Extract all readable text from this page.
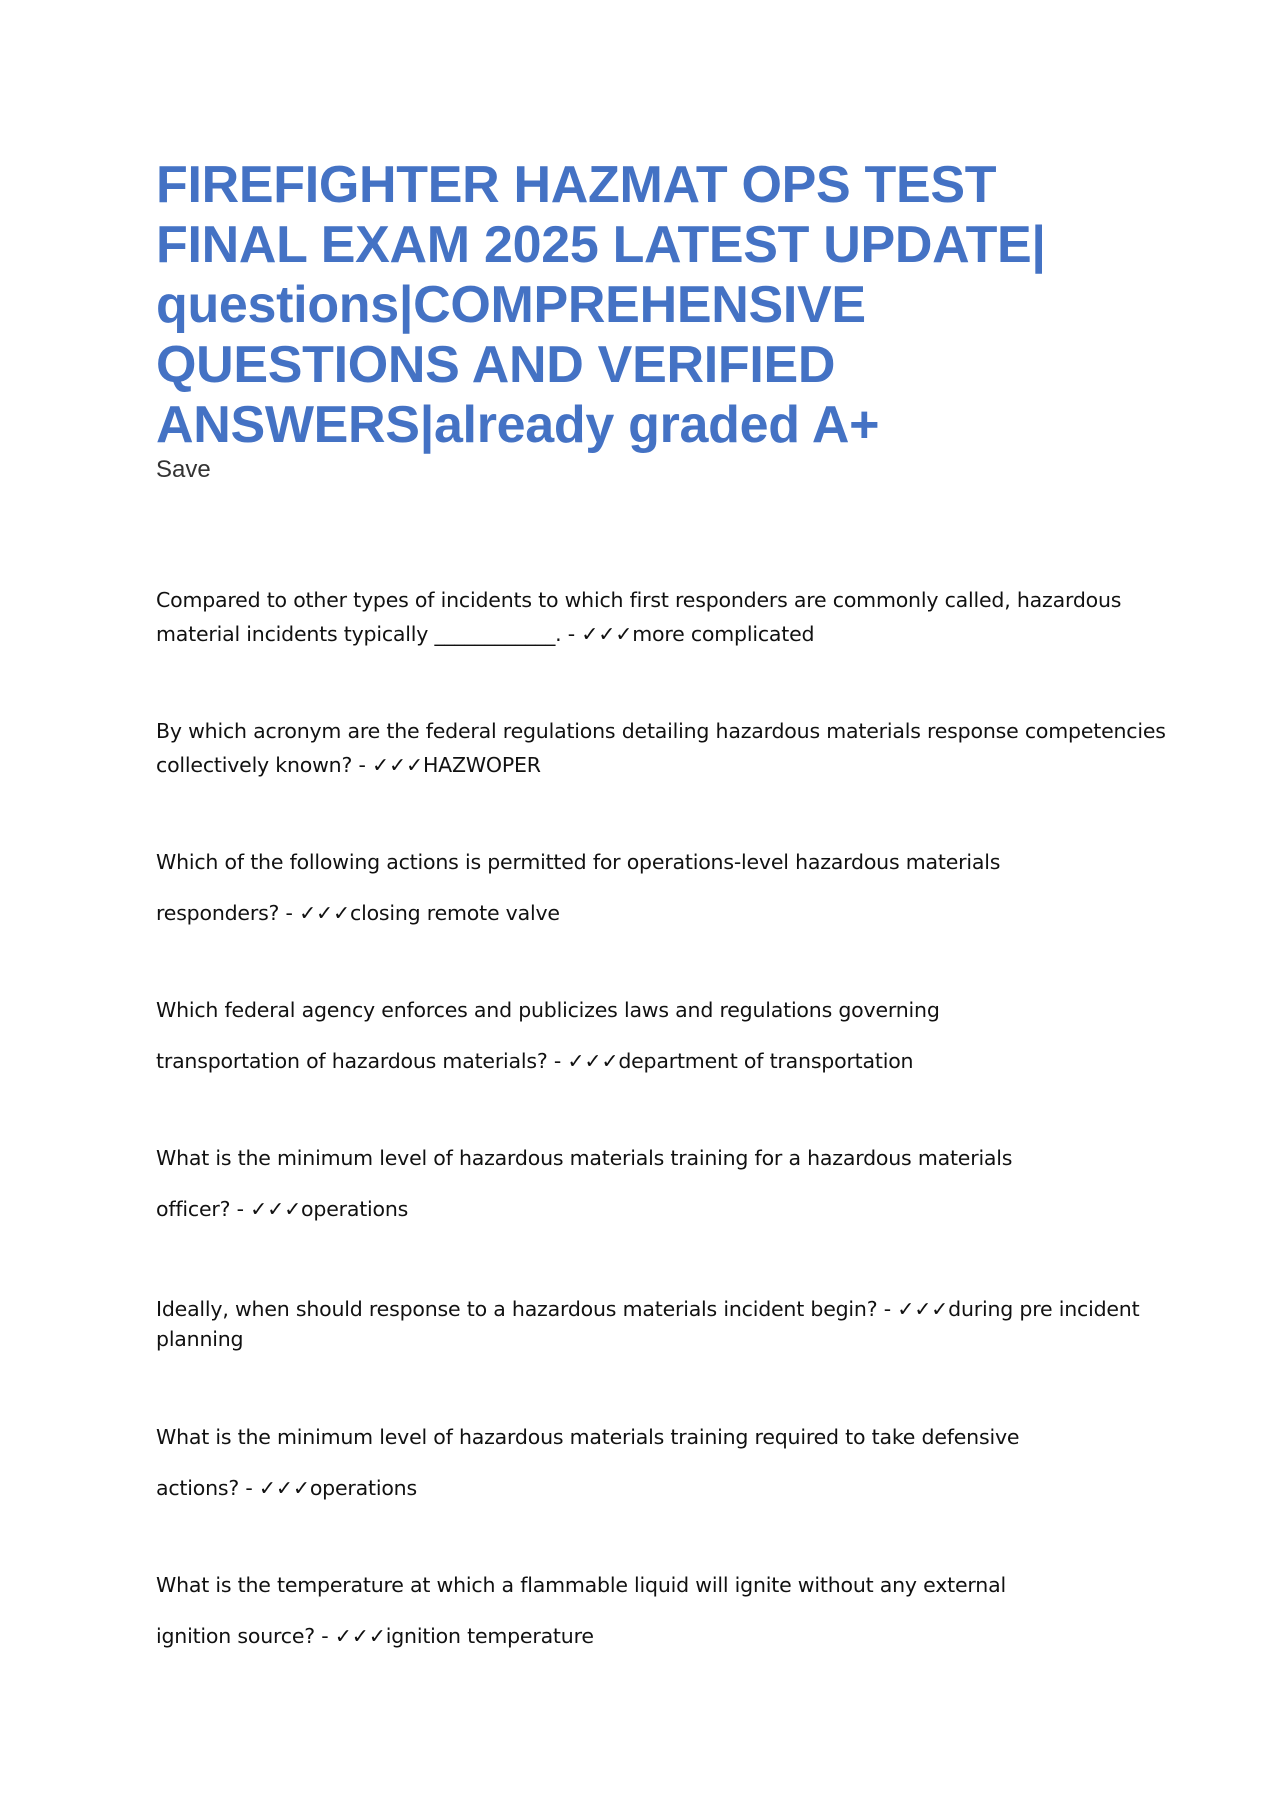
FIREFIGHTER HAZMAT OPS TEST FINAL EXAM 2025 LATEST UPDATE| questions|COMPREHENSIVE QUESTIONS AND VERIFIED ANSWERS|already graded A+
Save
Compared to other types of incidents to which first responders are commonly called, hazardous
material incidents typically ____________. - ✓✓✓more complicated
By which acronym are the federal regulations detailing hazardous materials response competencies
collectively known? - ✓✓✓HAZWOPER
Which of the following actions is permitted for operations-level hazardous materials
responders? - ✓✓✓closing remote valve
Which federal agency enforces and publicizes laws and regulations governing
transportation of hazardous materials? - ✓✓✓department of transportation
What is the minimum level of hazardous materials training for a hazardous materials
officer? - ✓✓✓operations
Ideally, when should response to a hazardous materials incident begin? - ✓✓✓during pre incident
planning
What is the minimum level of hazardous materials training required to take defensive
actions? - ✓✓✓operations
What is the temperature at which a flammable liquid will ignite without any external
ignition source? - ✓✓✓ignition temperature
